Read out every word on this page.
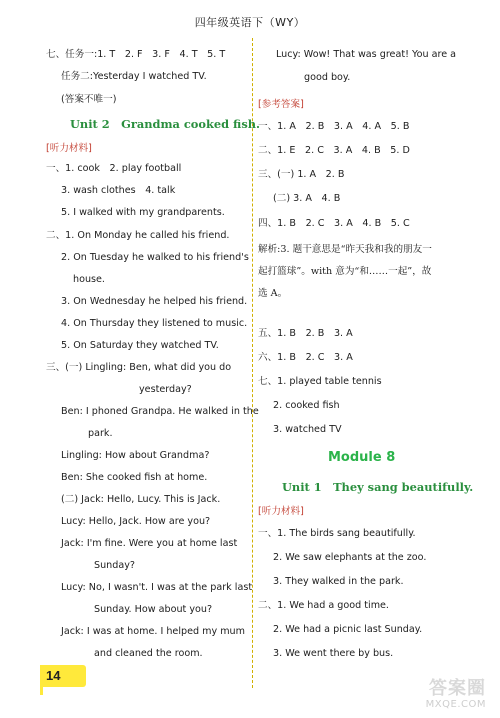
四年级英语下（WY）
七、任务一:1. T　2. F　3. F　4. T　5. T
任务二:Yesterday I watched TV.
(答案不唯一)
Unit 2　Grandma cooked fish.
[听力材料]
一、1. cook　2. play football
3. wash clothes　4. talk
5. I walked with my grandparents.
二、1. On Monday he called his friend.
2. On Tuesday he walked to his friend's
house.
3. On Wednesday he helped his friend.
4. On Thursday they listened to music.
5. On Saturday they watched TV.
三、(一) Lingling: Ben, what did you do
yesterday?
Ben: I phoned Grandpa. He walked in the
park.
Lingling: How about Grandma?
Ben: She cooked fish at home.
(二) Jack: Hello, Lucy. This is Jack.
Lucy: Hello, Jack. How are you?
Jack: I'm fine. Were you at home last
Sunday?
Lucy: No, I wasn't. I was at the park last
Sunday. How about you?
Jack: I was at home. I helped my mum
and cleaned the room.
Lucy: Wow! That was great! You are a
good boy.
[参考答案]
一、1. A　2. B　3. A　4. A　5. B
二、1. E　2. C　3. A　4. B　5. D
三、(一) 1. A　2. B
(二) 3. A　4. B
四、1. B　2. C　3. A　4. B　5. C
解析:3. 题干意思是“昨天我和我的朋友一
起打篮球”。with 意为“和……一起”，故
选 A。
五、1. B　2. B　3. A
六、1. B　2. C　3. A
七、1. played table tennis
2. cooked fish
3. watched TV
Module 8
Unit 1　They sang beautifully.
[听力材料]
一、1. The birds sang beautifully.
2. We saw elephants at the zoo.
3. They walked in the park.
二、1. We had a good time.
2. We had a picnic last Sunday.
3. We went there by bus.
14
答案圈
MXQE.COM
